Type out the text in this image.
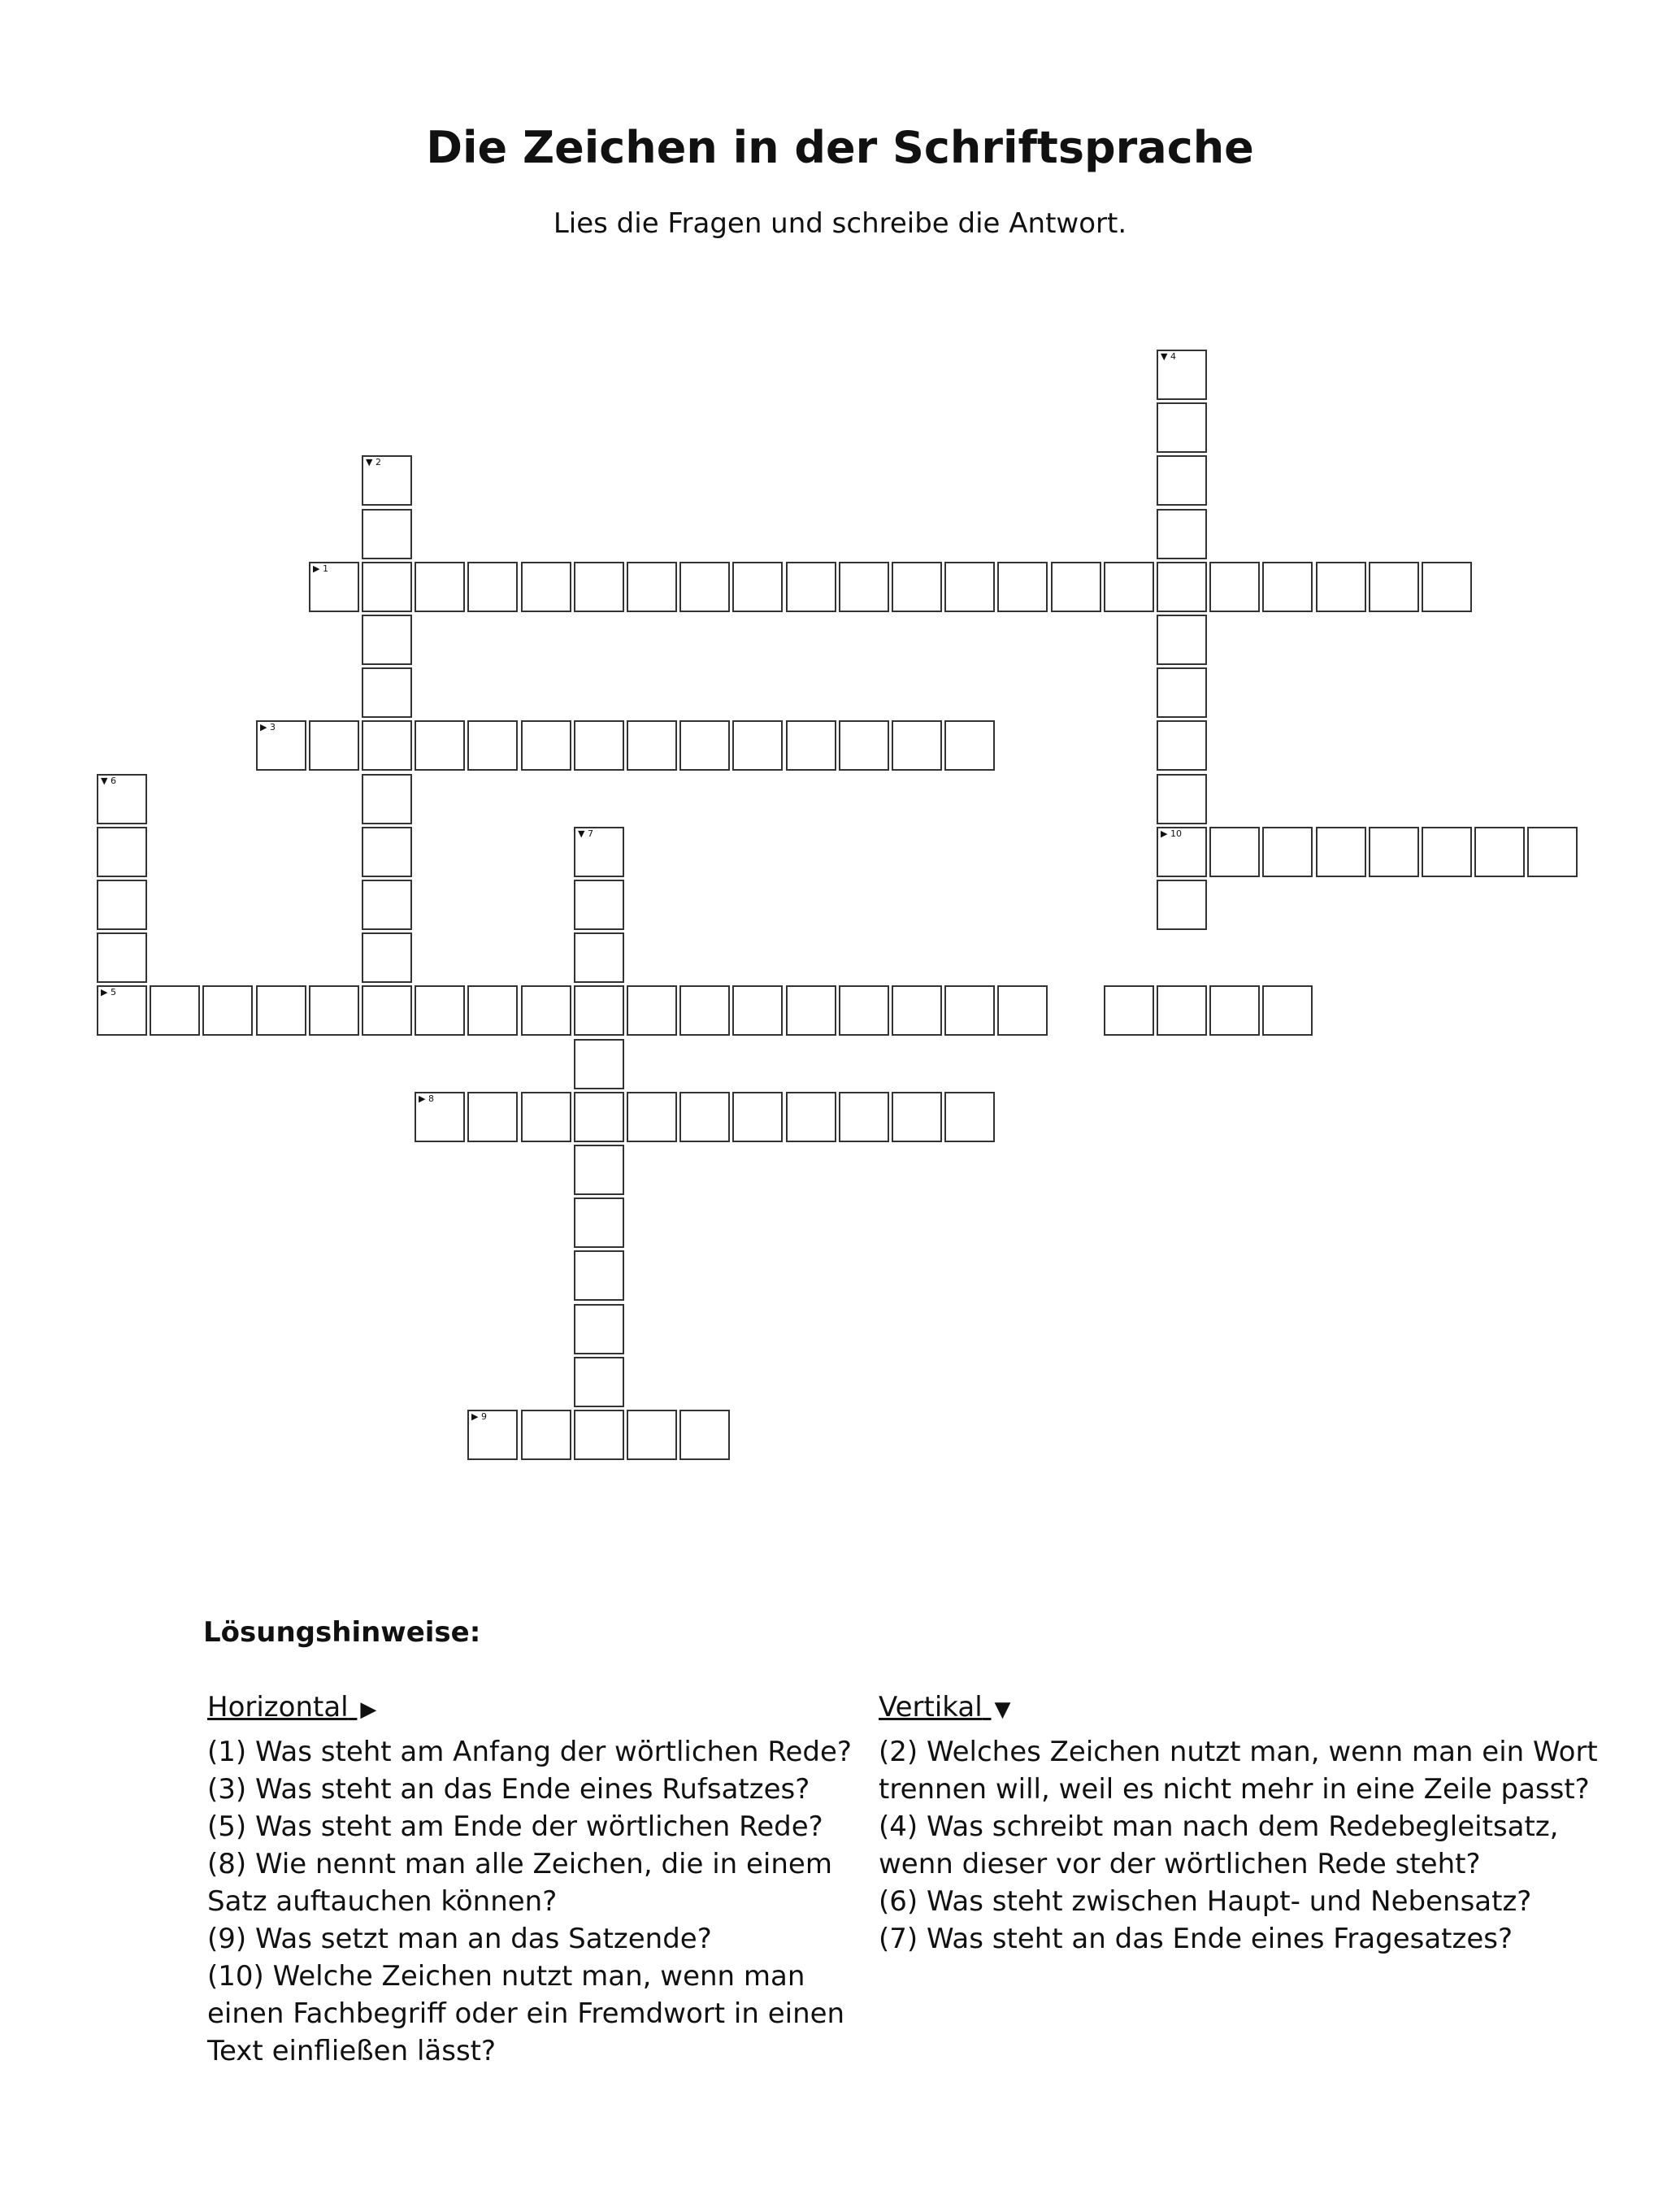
Die Zeichen in der Schriftsprache
Lies die Fragen und schreibe die Antwort.
▶ 1
▼ 2
▶ 3
▼ 4
▶ 10
▶ 5
▼ 6
▼ 7
▶ 8
▶ 9
Lösungshinweise:
Horizontal ▶	Vertikal ▼

(1) Was steht am Anfang der wörtlichen Rede?

(3) Was steht an das Ende eines Rufsatzes?

(5) Was steht am Ende der wörtlichen Rede?

(8) Wie nennt man alle Zeichen, die in einem Satz auftauchen können?

(9) Was setzt man an das Satzende?

(10) Welche Zeichen nutzt man, wenn man einen Fachbegriff oder ein Fremdwort in einen Text einfließen lässt?

(2) Welches Zeichen nutzt man, wenn man ein Wort trennen will, weil es nicht mehr in eine Zeile passt?

(4) Was schreibt man nach dem Redebegleitsatz, wenn dieser vor der wörtlichen Rede steht?

(6) Was steht zwischen Haupt- und Nebensatz?

(7) Was steht an das Ende eines Fragesatzes?
